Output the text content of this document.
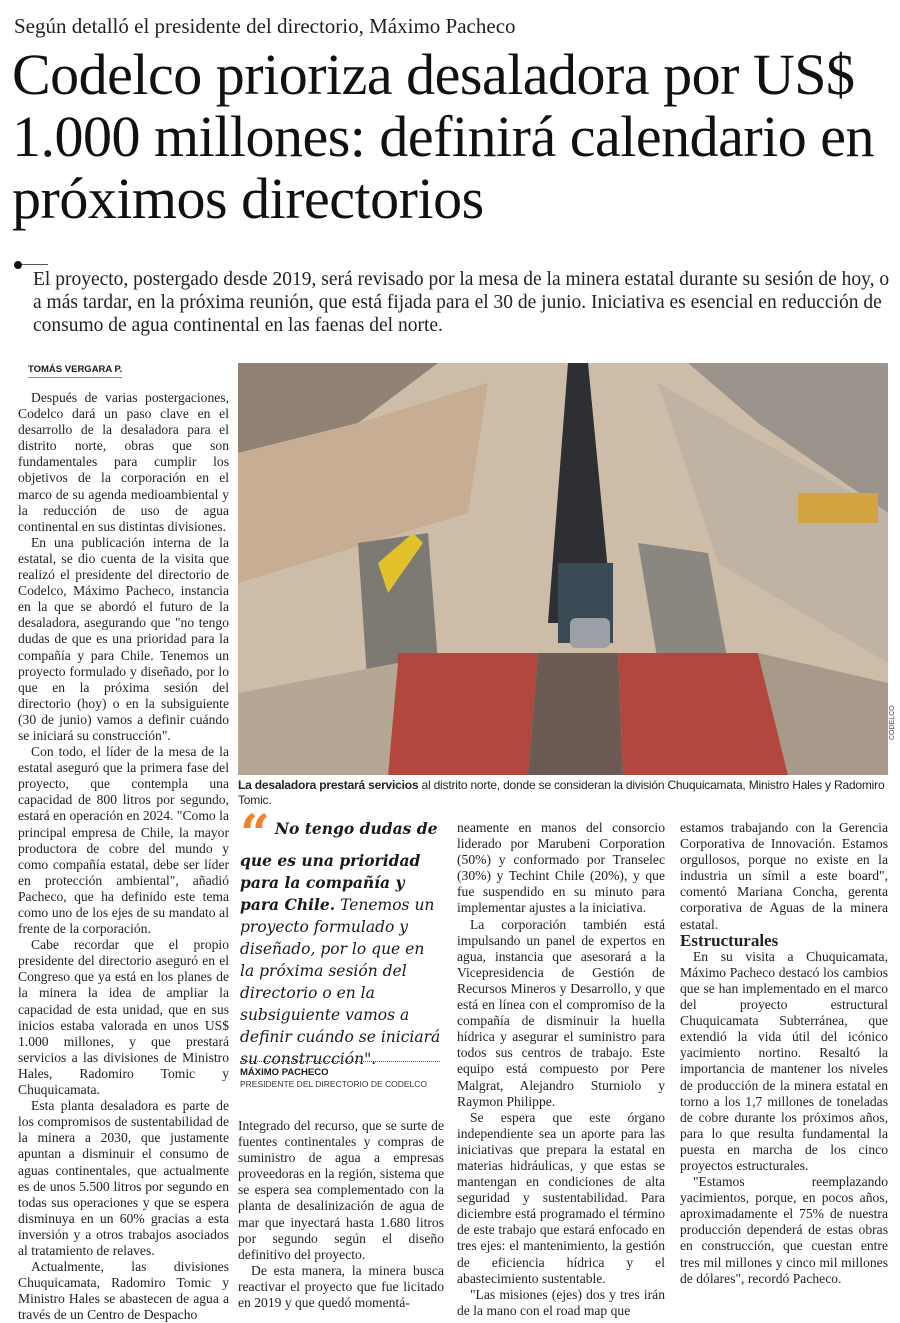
Según detalló el presidente del directorio, Máximo Pacheco
Codelco prioriza desaladora por US$ 1.000 millones: definirá calendario en próximos directorios
El proyecto, postergado desde 2019, será revisado por la mesa de la minera estatal durante su sesión de hoy, o a más tardar, en la próxima reunión, que está fijada para el 30 de junio. Iniciativa es esencial en reducción de consumo de agua continental en las faenas del norte.
TOMÁS VERGARA P.

Después de varias postergaciones, Codelco dará un paso clave en el desarrollo de la desaladora para el distrito norte, obras que son fundamentales para cumplir los objetivos de la corporación en el marco de su agenda medioambiental y la reducción de uso de agua continental en sus distintas divisiones.

En una publicación interna de la estatal, se dio cuenta de la visita que realizó el presidente del directorio de Codelco, Máximo Pacheco, instancia en la que se abordó el futuro de la desaladora, asegurando que "no tengo dudas de que es una prioridad para la compañía y para Chile. Tenemos un proyecto formulado y diseñado, por lo que en la próxima sesión del directorio (hoy) o en la subsiguiente (30 de junio) vamos a definir cuándo se iniciará su construcción".

Con todo, el líder de la mesa de la estatal aseguró que la primera fase del proyecto, que contempla una capacidad de 800 litros por segundo, estará en operación en 2024. "Como la principal empresa de Chile, la mayor productora de cobre del mundo y como compañía estatal, debe ser líder en protección ambiental", añadió Pacheco, que ha definido este tema como uno de los ejes de su mandato al frente de la corporación.

Cabe recordar que el propio presidente del directorio aseguró en el Congreso que ya está en los planes de la minera la idea de ampliar la capacidad de esta unidad, que en sus inicios estaba valorada en unos US$ 1.000 millones, y que prestará servicios a las divisiones de Ministro Hales, Radomiro Tomic y Chuquicamata.

Esta planta desaladora es parte de los compromisos de sustentabilidad de la minera a 2030, que justamente apuntan a disminuir el consumo de aguas continentales, que actualmente es de unos 5.500 litros por segundo en todas sus operaciones y que se espera disminuya en un 60% gracias a esta inversión y a otros trabajos asociados al tratamiento de relaves.

Actualmente, las divisiones Chuquicamata, Radomiro Tomic y Ministro Hales se abastecen de agua a través de un Centro de Despacho

CODELCO
La desaladora prestará servicios al distrito norte, donde se consideran la división Chuquicamata, Ministro Hales y Radomiro Tomic.
“ No tengo dudas de que es una prioridad para la compañía y para Chile. Tenemos un proyecto formulado y diseñado, por lo que en la próxima sesión del directorio o en la subsiguiente vamos a definir cuándo se iniciará su construcción".
MÁXIMO PACHECO
PRESIDENTE DEL DIRECTORIO DE CODELCO

Integrado del recurso, que se surte de fuentes continentales y compras de suministro de agua a empresas proveedoras en la región, sistema que se espera sea complementado con la planta de desalinización de agua de mar que inyectará hasta 1.680 litros por segundo según el diseño definitivo del proyecto.

De esta manera, la minera busca reactivar el proyecto que fue licitado en 2019 y que quedó momentá-

neamente en manos del consorcio liderado por Marubeni Corporation (50%) y conformado por Transelec (30%) y Techint Chile (20%), y que fue suspendido en su minuto para implementar ajustes a la iniciativa.

La corporación también está impulsando un panel de expertos en agua, instancia que asesorará a la Vicepresidencia de Gestión de Recursos Mineros y Desarrollo, y que está en línea con el compromiso de la compañía de disminuir la huella hídrica y asegurar el suministro para todos sus centros de trabajo. Este equipo está compuesto por Pere Malgrat, Alejandro Sturniolo y Raymon Philippe.

Se espera que este órgano independiente sea un aporte para las iniciativas que prepara la estatal en materias hidráulicas, y que estas se mantengan en condiciones de alta seguridad y sustentabilidad. Para diciembre está programado el término de este trabajo que estará enfocado en tres ejes: el mantenimiento, la gestión de eficiencia hídrica y el abastecimiento sustentable.

"Las misiones (ejes) dos y tres irán de la mano con el road map que

estamos trabajando con la Gerencia Corporativa de Innovación. Estamos orgullosos, porque no existe en la industria un símil a este board", comentó Mariana Concha, gerenta corporativa de Aguas de la minera estatal.

Estructurales

En su visita a Chuquicamata, Máximo Pacheco destacó los cambios que se han implementado en el marco del proyecto estructural Chuquicamata Subterránea, que extendió la vida útil del icónico yacimiento nortino. Resaltó la importancia de mantener los niveles de producción de la minera estatal en torno a los 1,7 millones de toneladas de cobre durante los próximos años, para lo que resulta fundamental la puesta en marcha de los cinco proyectos estructurales.

"Estamos reemplazando yacimientos, porque, en pocos años, aproximadamente el 75% de nuestra producción dependerá de estas obras en construcción, que cuestan entre tres mil millones y cinco mil millones de dólares", recordó Pacheco.
